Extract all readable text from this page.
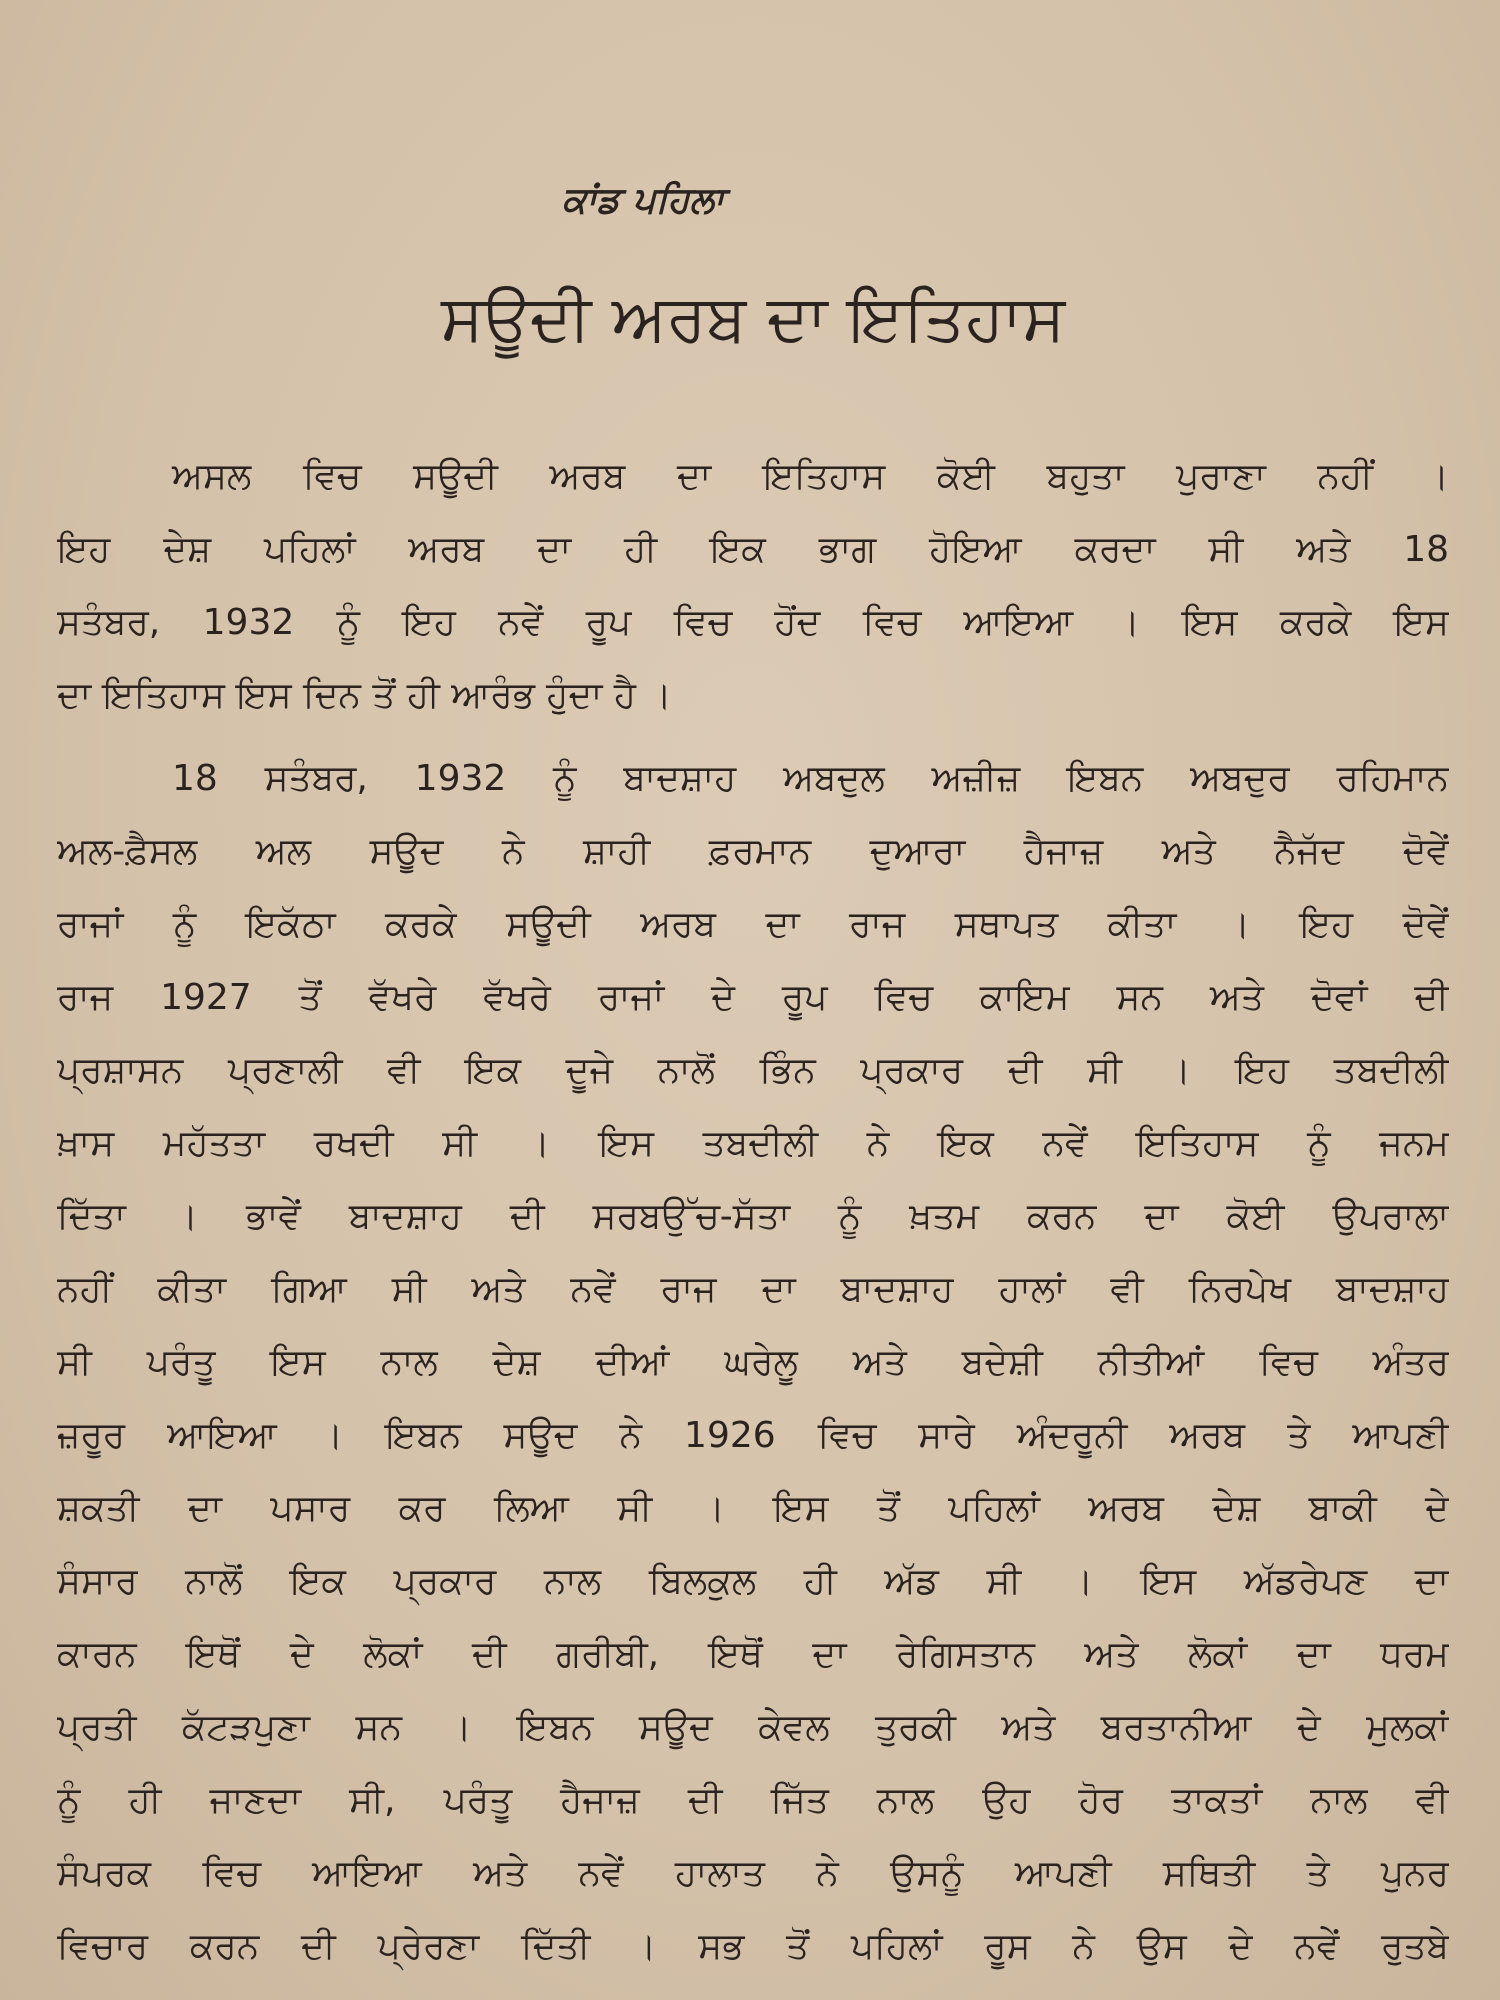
ਕਾਂਡ ਪਹਿਲਾ
ਸਊਦੀ ਅਰਬ ਦਾ ਇਤਿਹਾਸ
ਅਸਲ ਵਿਚ ਸਊਦੀ ਅਰਬ ਦਾ ਇਤਿਹਾਸ ਕੋਈ ਬਹੁਤਾ ਪੁਰਾਣਾ ਨਹੀਂ ।
ਇਹ ਦੇਸ਼ ਪਹਿਲਾਂ ਅਰਬ ਦਾ ਹੀ ਇਕ ਭਾਗ ਹੋਇਆ ਕਰਦਾ ਸੀ ਅਤੇ 18
ਸਤੰਬਰ, 1932 ਨੂੰ ਇਹ ਨਵੇਂ ਰੂਪ ਵਿਚ ਹੋਂਦ ਵਿਚ ਆਇਆ । ਇਸ ਕਰਕੇ ਇਸ
ਦਾ ਇਤਿਹਾਸ ਇਸ ਦਿਨ ਤੋਂ ਹੀ ਆਰੰਭ ਹੁੰਦਾ ਹੈ ।
18 ਸਤੰਬਰ, 1932 ਨੂੰ ਬਾਦਸ਼ਾਹ ਅਬਦੁਲ ਅਜ਼ੀਜ਼ ਇਬਨ ਅਬਦੁਰ ਰਹਿਮਾਨ
ਅਲ-ਫ਼ੈਸਲ ਅਲ ਸਊਦ ਨੇ ਸ਼ਾਹੀ ਫ਼ਰਮਾਨ ਦੁਆਰਾ ਹੈਜਾਜ਼ ਅਤੇ ਨੈਜੱਦ ਦੋਵੇਂ
ਰਾਜਾਂ ਨੂੰ ਇਕੱਠਾ ਕਰਕੇ ਸਊਦੀ ਅਰਬ ਦਾ ਰਾਜ ਸਥਾਪਤ ਕੀਤਾ । ਇਹ ਦੋਵੇਂ
ਰਾਜ 1927 ਤੋਂ ਵੱਖਰੇ ਵੱਖਰੇ ਰਾਜਾਂ ਦੇ ਰੂਪ ਵਿਚ ਕਾਇਮ ਸਨ ਅਤੇ ਦੋਵਾਂ ਦੀ
ਪ੍ਰਸ਼ਾਸਨ ਪ੍ਰਣਾਲੀ ਵੀ ਇਕ ਦੂਜੇ ਨਾਲੋਂ ਭਿੰਨ ਪ੍ਰਕਾਰ ਦੀ ਸੀ । ਇਹ ਤਬਦੀਲੀ
ਖ਼ਾਸ ਮਹੱਤਤਾ ਰਖਦੀ ਸੀ । ਇਸ ਤਬਦੀਲੀ ਨੇ ਇਕ ਨਵੇਂ ਇਤਿਹਾਸ ਨੂੰ ਜਨਮ
ਦਿੱਤਾ । ਭਾਵੇਂ ਬਾਦਸ਼ਾਹ ਦੀ ਸਰਬਉੱਚ-ਸੱਤਾ ਨੂੰ ਖ਼ਤਮ ਕਰਨ ਦਾ ਕੋਈ ਉਪਰਾਲਾ
ਨਹੀਂ ਕੀਤਾ ਗਿਆ ਸੀ ਅਤੇ ਨਵੇਂ ਰਾਜ ਦਾ ਬਾਦਸ਼ਾਹ ਹਾਲਾਂ ਵੀ ਨਿਰਪੇਖ ਬਾਦਸ਼ਾਹ
ਸੀ ਪਰੰਤੂ ਇਸ ਨਾਲ ਦੇਸ਼ ਦੀਆਂ ਘਰੇਲੂ ਅਤੇ ਬਦੇਸ਼ੀ ਨੀਤੀਆਂ ਵਿਚ ਅੰਤਰ
ਜ਼ਰੂਰ ਆਇਆ । ਇਬਨ ਸਊਦ ਨੇ 1926 ਵਿਚ ਸਾਰੇ ਅੰਦਰੂਨੀ ਅਰਬ ਤੇ ਆਪਣੀ
ਸ਼ਕਤੀ ਦਾ ਪਸਾਰ ਕਰ ਲਿਆ ਸੀ । ਇਸ ਤੋਂ ਪਹਿਲਾਂ ਅਰਬ ਦੇਸ਼ ਬਾਕੀ ਦੇ
ਸੰਸਾਰ ਨਾਲੋਂ ਇਕ ਪ੍ਰਕਾਰ ਨਾਲ ਬਿਲਕੁਲ ਹੀ ਅੱਡ ਸੀ । ਇਸ ਅੱਡਰੇਪਣ ਦਾ
ਕਾਰਨ ਇਥੋਂ ਦੇ ਲੋਕਾਂ ਦੀ ਗਰੀਬੀ, ਇਥੋਂ ਦਾ ਰੇਗਿਸਤਾਨ ਅਤੇ ਲੋਕਾਂ ਦਾ ਧਰਮ
ਪ੍ਰਤੀ ਕੱਟੜਪੁਣਾ ਸਨ । ਇਬਨ ਸਊਦ ਕੇਵਲ ਤੁਰਕੀ ਅਤੇ ਬਰਤਾਨੀਆ ਦੇ ਮੁਲਕਾਂ
ਨੂੰ ਹੀ ਜਾਣਦਾ ਸੀ, ਪਰੰਤੂ ਹੈਜਾਜ਼ ਦੀ ਜਿੱਤ ਨਾਲ ਉਹ ਹੋਰ ਤਾਕਤਾਂ ਨਾਲ ਵੀ
ਸੰਪਰਕ ਵਿਚ ਆਇਆ ਅਤੇ ਨਵੇਂ ਹਾਲਾਤ ਨੇ ਉਸਨੂੰ ਆਪਣੀ ਸਥਿਤੀ ਤੇ ਪੁਨਰ
ਵਿਚਾਰ ਕਰਨ ਦੀ ਪ੍ਰੇਰਣਾ ਦਿੱਤੀ । ਸਭ ਤੋਂ ਪਹਿਲਾਂ ਰੂਸ ਨੇ ਉਸ ਦੇ ਨਵੇਂ ਰੁਤਬੇ
